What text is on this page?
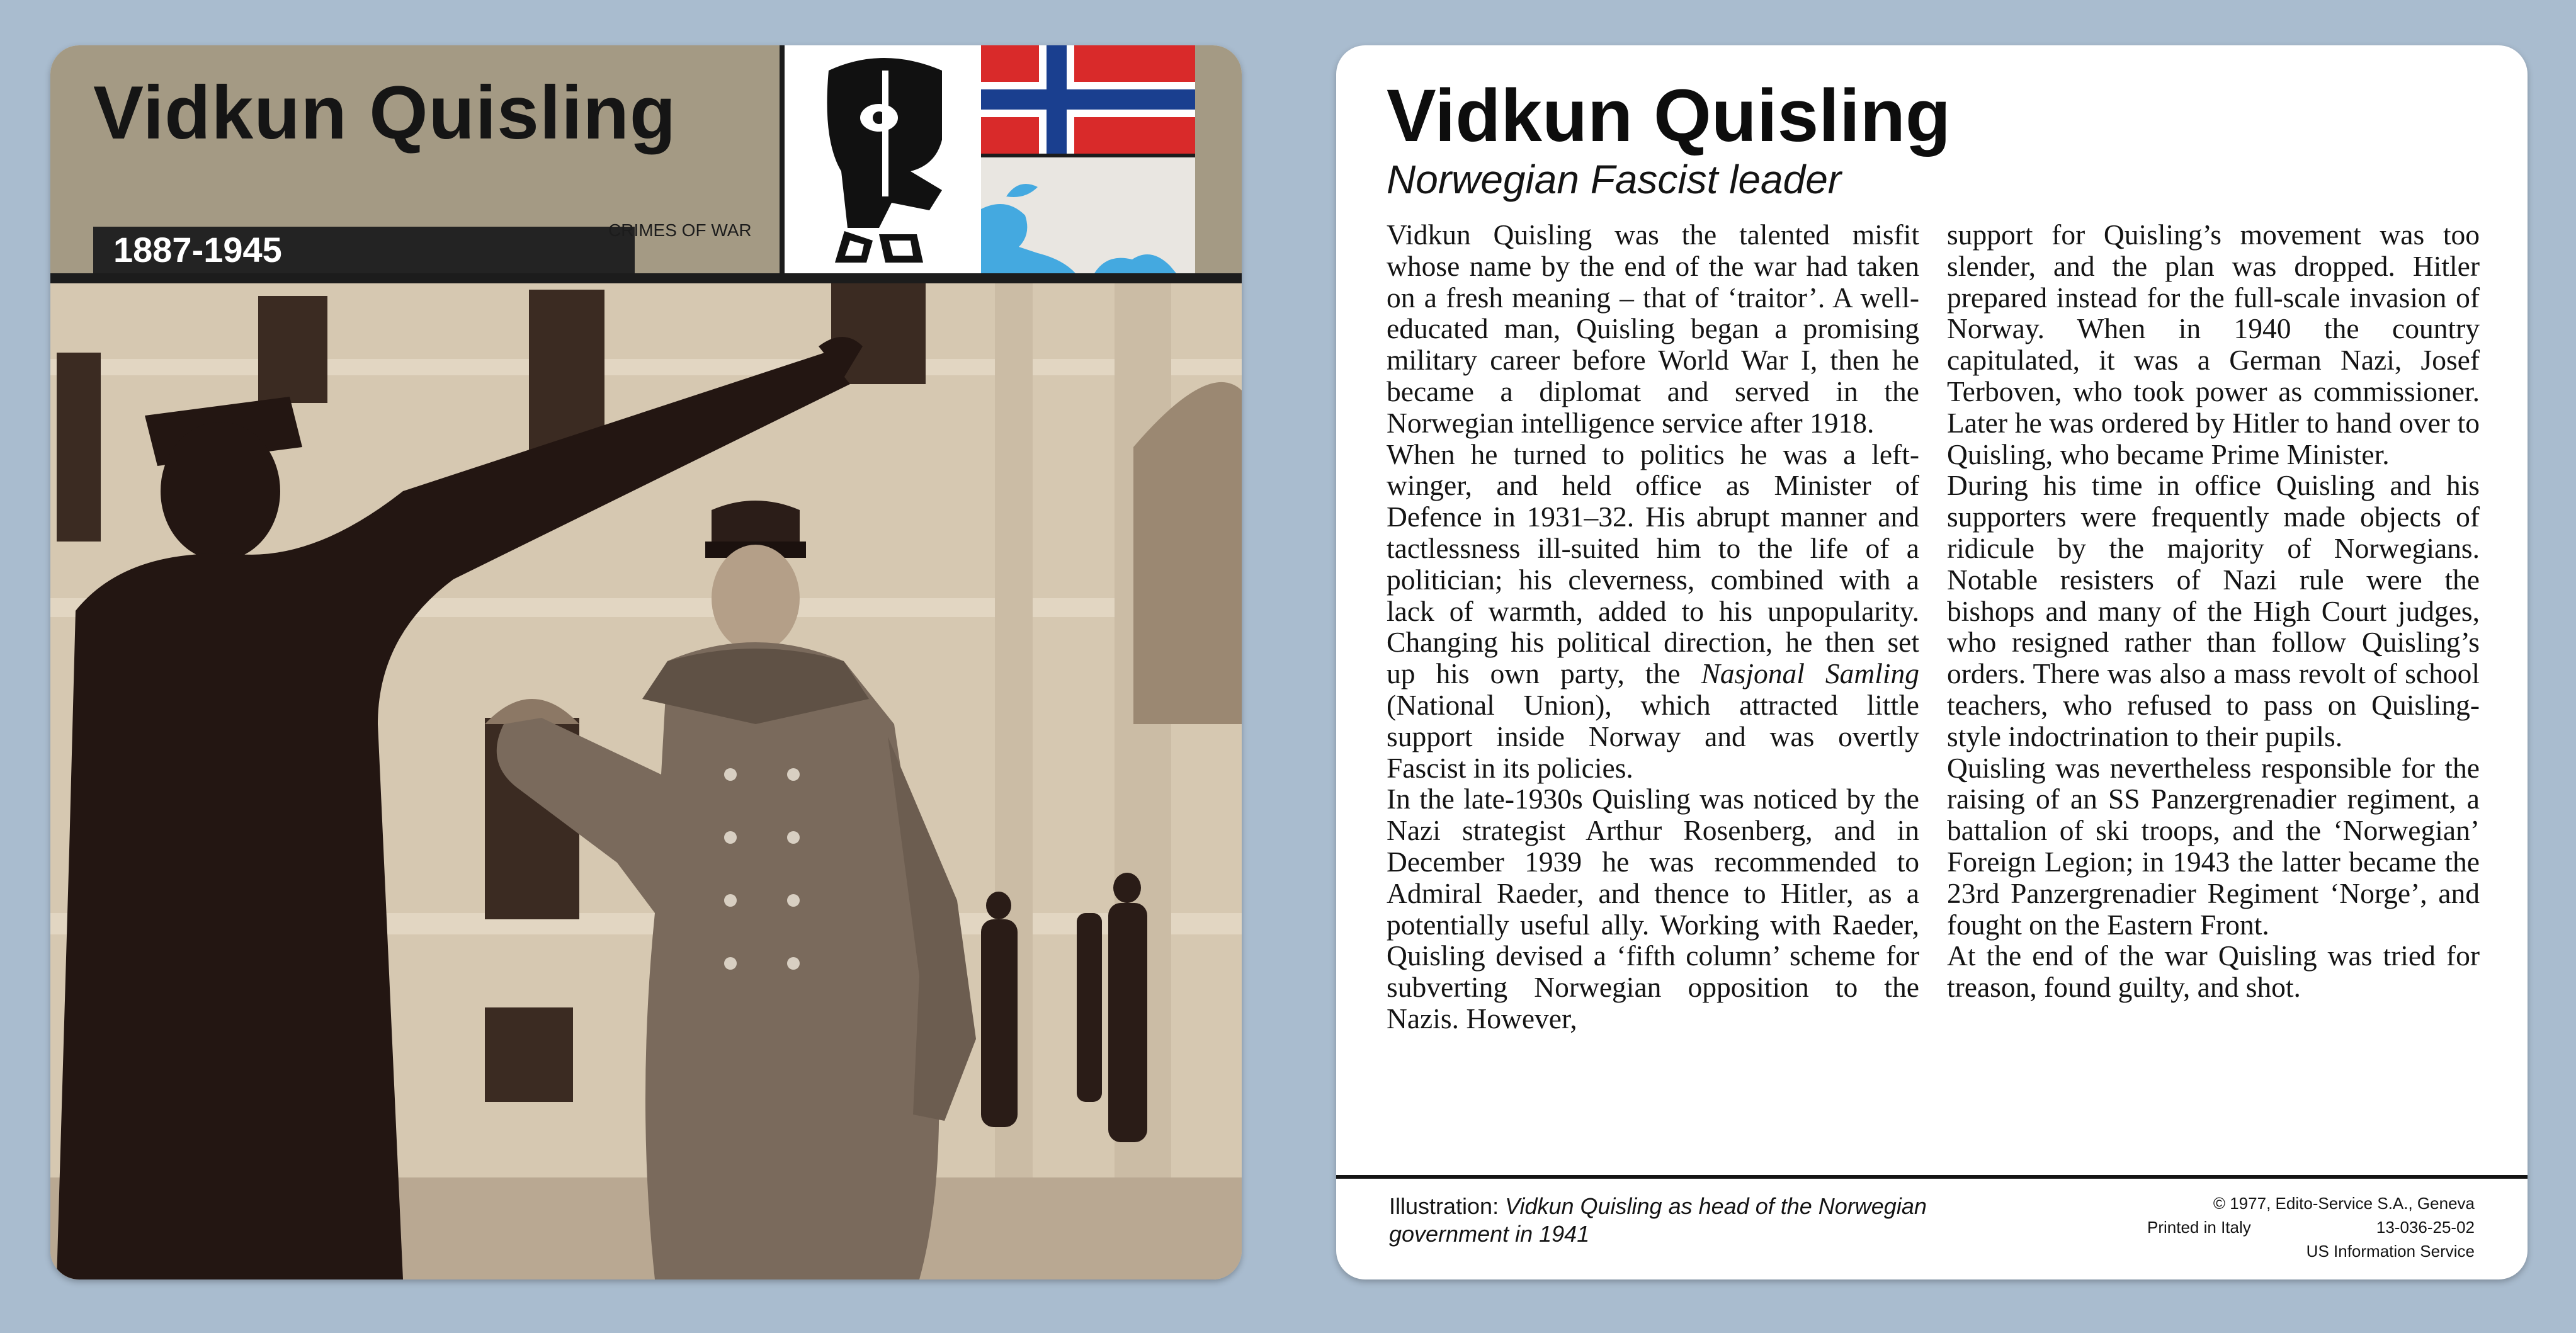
Vidkun Quisling
1887-1945	CRIMES OF WAR
Vidkun Quisling
Norwegian Fascist leader

Vidkun Quisling was the talented misfit whose name by the end of the war had taken on a fresh meaning – that of ‘traitor’. A well-educated man, Quisling began a promising military career before World War I, then he became a diplomat and served in the Norwegian intelligence service after 1918.

When he turned to politics he was a left-winger, and held office as Minister of Defence in 1931–32. His abrupt manner and tactlessness ill-suited him to the life of a politician; his cleverness, combined with a lack of warmth, added to his unpopularity. Changing his political direction, he then set up his own party, the Nasjonal Samling (National Union), which attracted little support inside Norway and was overtly Fascist in its policies.

In the late-1930s Quisling was noticed by the Nazi strategist Arthur Rosenberg, and in December 1939 he was recommended to Admiral Raeder, and thence to Hitler, as a potentially useful ally. Working with Raeder, Quisling devised a ‘fifth column’ scheme for subverting Norwegian opposition to the Nazis. However,

support for Quisling’s movement was too slender, and the plan was dropped. Hitler prepared instead for the full-scale invasion of Norway. When in 1940 the country capitulated, it was a German Nazi, Josef Terboven, who took power as commissioner. Later he was ordered by Hitler to hand over to Quisling, who became Prime Minister.

During his time in office Quisling and his supporters were frequently made objects of ridicule by the majority of Norwegians. Notable resisters of Nazi rule were the bishops and many of the High Court judges, who resigned rather than follow Quisling’s orders. There was also a mass revolt of school teachers, who refused to pass on Quisling-style indoctrination to their pupils.

Quisling was nevertheless responsible for the raising of an SS Panzergrenadier regiment, a battalion of ski troops, and the ‘Norwegian’ Foreign Legion; in 1943 the latter became the 23rd Panzergrenadier Regiment ‘Norge’, and fought on the Eastern Front.

At the end of the war Quisling was tried for treason, found guilty, and shot.

Illustration: Vidkun Quisling as head of the Norwegian government in 1941
© 1977, Edito-Service S.A., Geneva
Printed in Italy	13-036-25-02
US Information Service
